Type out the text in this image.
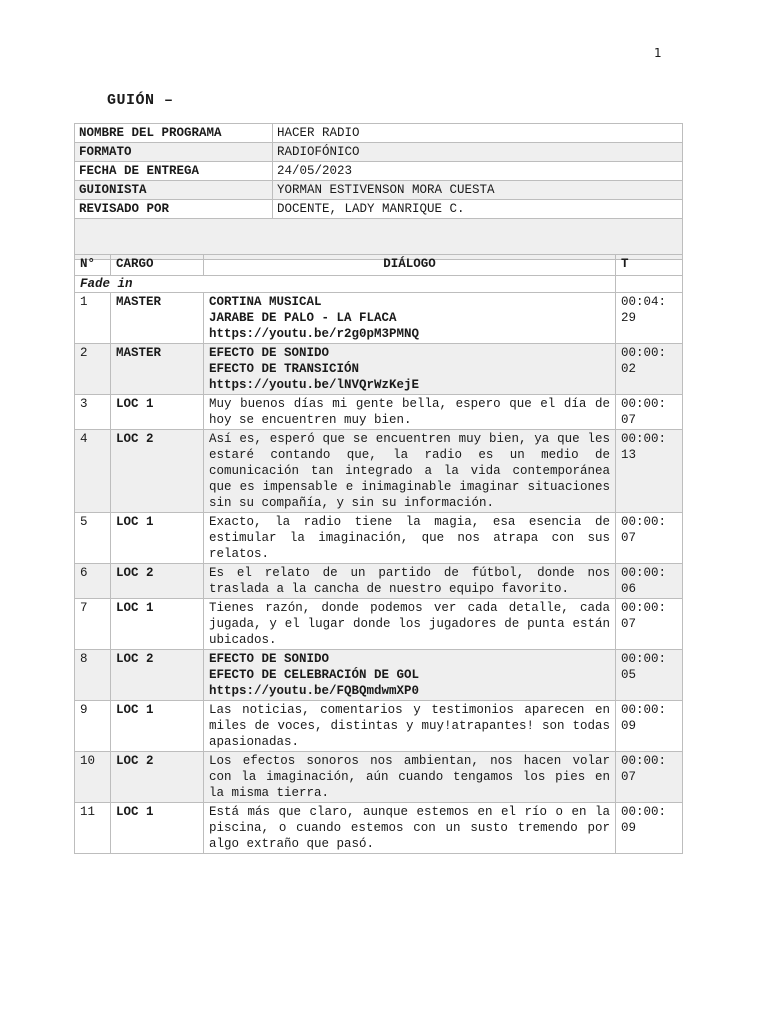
1
GUIÓN –
NOMBRE DEL PROGRAMA	HACER RADIO
FORMATO	RADIOFÓNICO
FECHA DE ENTREGA	24/05/2023
GUIONISTA	YORMAN ESTIVENSON MORA CUESTA
REVISADO POR	DOCENTE, LADY MANRIQUE C.

N°	CARGO	DIÁLOGO	T
Fade in			
1	MASTER	CORTINA MUSICAL
JARABE DE PALO - LA FLACA
https://youtu.be/r2g0pM3PMNQ	00:04:
29

2	MASTER	EFECTO DE SONIDO
EFECTO DE TRANSICIÓN
https://youtu.be/lNVQrWzKejE	00:00:
02

3	LOC 1	Muy buenos días mi gente bella, espero que el día de hoy se encuentren muy bien.	00:00:
07

4	LOC 2	Así es, esperó que se encuentren muy bien, ya que les estaré contando que, la radio es un medio de comunicación tan integrado a la vida contemporánea que es impensable e inimaginable imaginar situaciones sin su compañía, y sin su información.	00:00:
13

5	LOC 1	Exacto, la radio tiene la magia, esa esencia de estimular la imaginación, que nos atrapa con sus relatos.	00:00:
07

6	LOC 2	Es el relato de un partido de fútbol, donde nos traslada a la cancha de nuestro equipo favorito.	00:00:
06

7	LOC 1	Tienes razón, donde podemos ver cada detalle, cada jugada, y el lugar donde los jugadores de punta están ubicados.	00:00:
07

8	LOC 2	EFECTO DE SONIDO
EFECTO DE CELEBRACIÓN DE GOL
https://youtu.be/FQBQmdwmXP0	00:00:
05

9	LOC 1	Las noticias, comentarios y testimonios aparecen en miles de voces, distintas y muy!atrapantes! son todas apasionadas.	00:00:
09

10	LOC 2	Los efectos sonoros nos ambientan, nos hacen volar con la imaginación, aún cuando tengamos los pies en la misma tierra.	00:00:
07

11	LOC 1	Está más que claro, aunque estemos en el río o en la piscina, o cuando estemos con un susto tremendo por algo extraño que pasó.	00:00:
09
